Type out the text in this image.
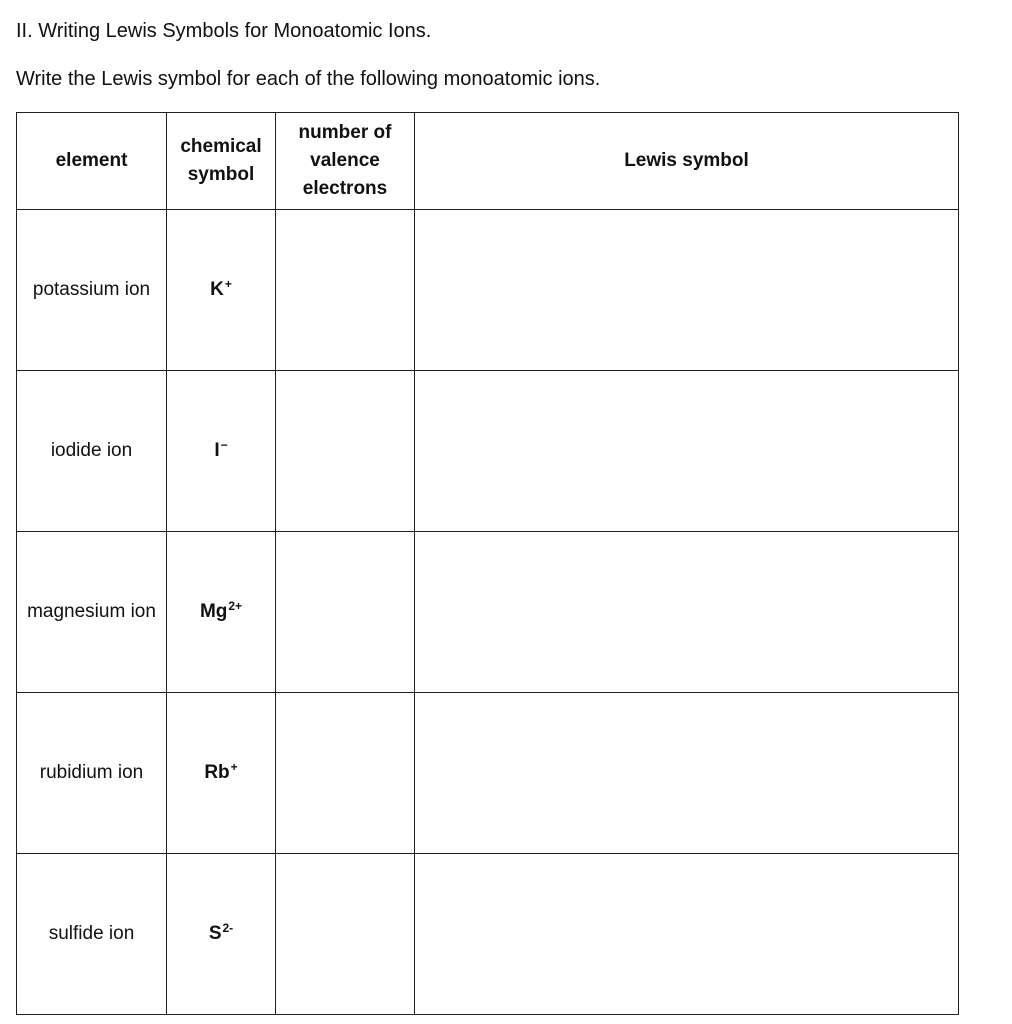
II. Writing Lewis Symbols for Monoatomic Ions.

Write the Lewis symbol for each of the following monoatomic ions.

element	chemical symbol	number of valence electrons	Lewis symbol
potassium ion	K+		
iodide ion	I−		
magnesium ion	$Mg^{2+}$		
rubidium ion	Rb+		
sulfide ion	$S^{2-}$		
